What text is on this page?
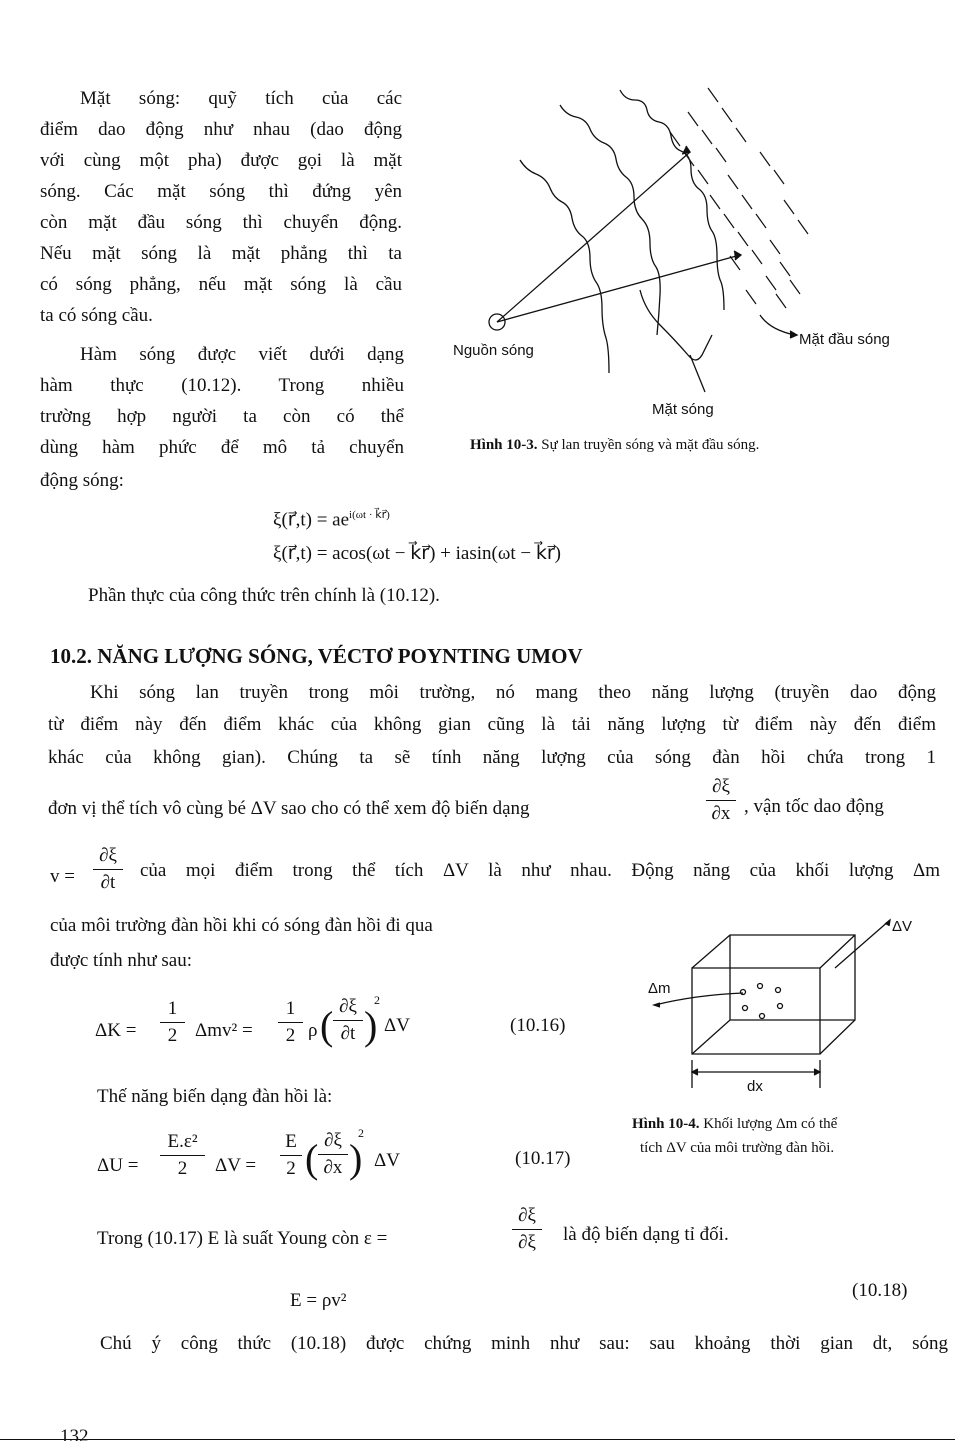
Mặt sóng: quỹ tích của các
điểm dao động như nhau (dao động
với cùng một pha) được gọi là mặt
sóng. Các mặt sóng thì đứng yên
còn mặt đầu sóng thì chuyển động.
Nếu mặt sóng là mặt phẳng thì ta
có sóng phẳng, nếu mặt sóng là cầu
ta có sóng cầu.
Hàm sóng được viết dưới dạng
hàm thực (10.12). Trong nhiều
trường hợp người ta còn có thể
dùng hàm phức để mô tả chuyển
động sóng:
Nguồn sóng
Mặt đầu sóng
Mặt sóng
Hình 10-3. Sự lan truyền sóng và mặt đầu sóng.
ξ(r⃗,t) = $ae^{i(\omega t \cdot k⃗r⃗)}$
ξ(r⃗,t) = acos(ωt − k⃗r⃗) + iasin(ωt − k⃗r⃗)
Phần thực của công thức trên chính là (10.12).
10.2. NĂNG LƯỢNG SÓNG, VÉCTƠ POYNTING UMOV
Khi sóng lan truyền trong môi trường, nó mang theo năng lượng (truyền dao động
từ điểm này đến điểm khác của không gian cũng là tải năng lượng từ điểm này đến điểm
khác của không gian). Chúng ta sẽ tính năng lượng của sóng đàn hồi chứa trong 1
đơn vị thể tích vô cùng bé ΔV sao cho có thể xem độ biến dạng
∂ξ
∂x , vận tốc dao động
v =
∂ξ
∂t
của mọi điểm trong thể tích ΔV là như nhau. Động năng của khối lượng Δm
của môi trường đàn hồi khi có sóng đàn hồi đi qua
được tính như sau:
ΔK =
1
2 Δmv² =
1
2 ρ ( ∂ξ
∂t )
2
ΔV	(10.16)
Thế năng biến dạng đàn hồi là:
ΔU =
E.ε²
2	ΔV =
E
2 ( ∂ξ
∂x )
2
ΔV	(10.17)
ΔV
Δm
dx
Hình 10-4. Khối lượng Δm có thể
tích ΔV của môi trường đàn hồi.
Trong (10.17) E là suất Young còn ε =
∂ξ
∂ξ	là độ biến dạng tỉ đối.
E = ρv²	(10.18)
Chú ý công thức (10.18) được chứng minh như sau: sau khoảng thời gian dt, sóng
132
